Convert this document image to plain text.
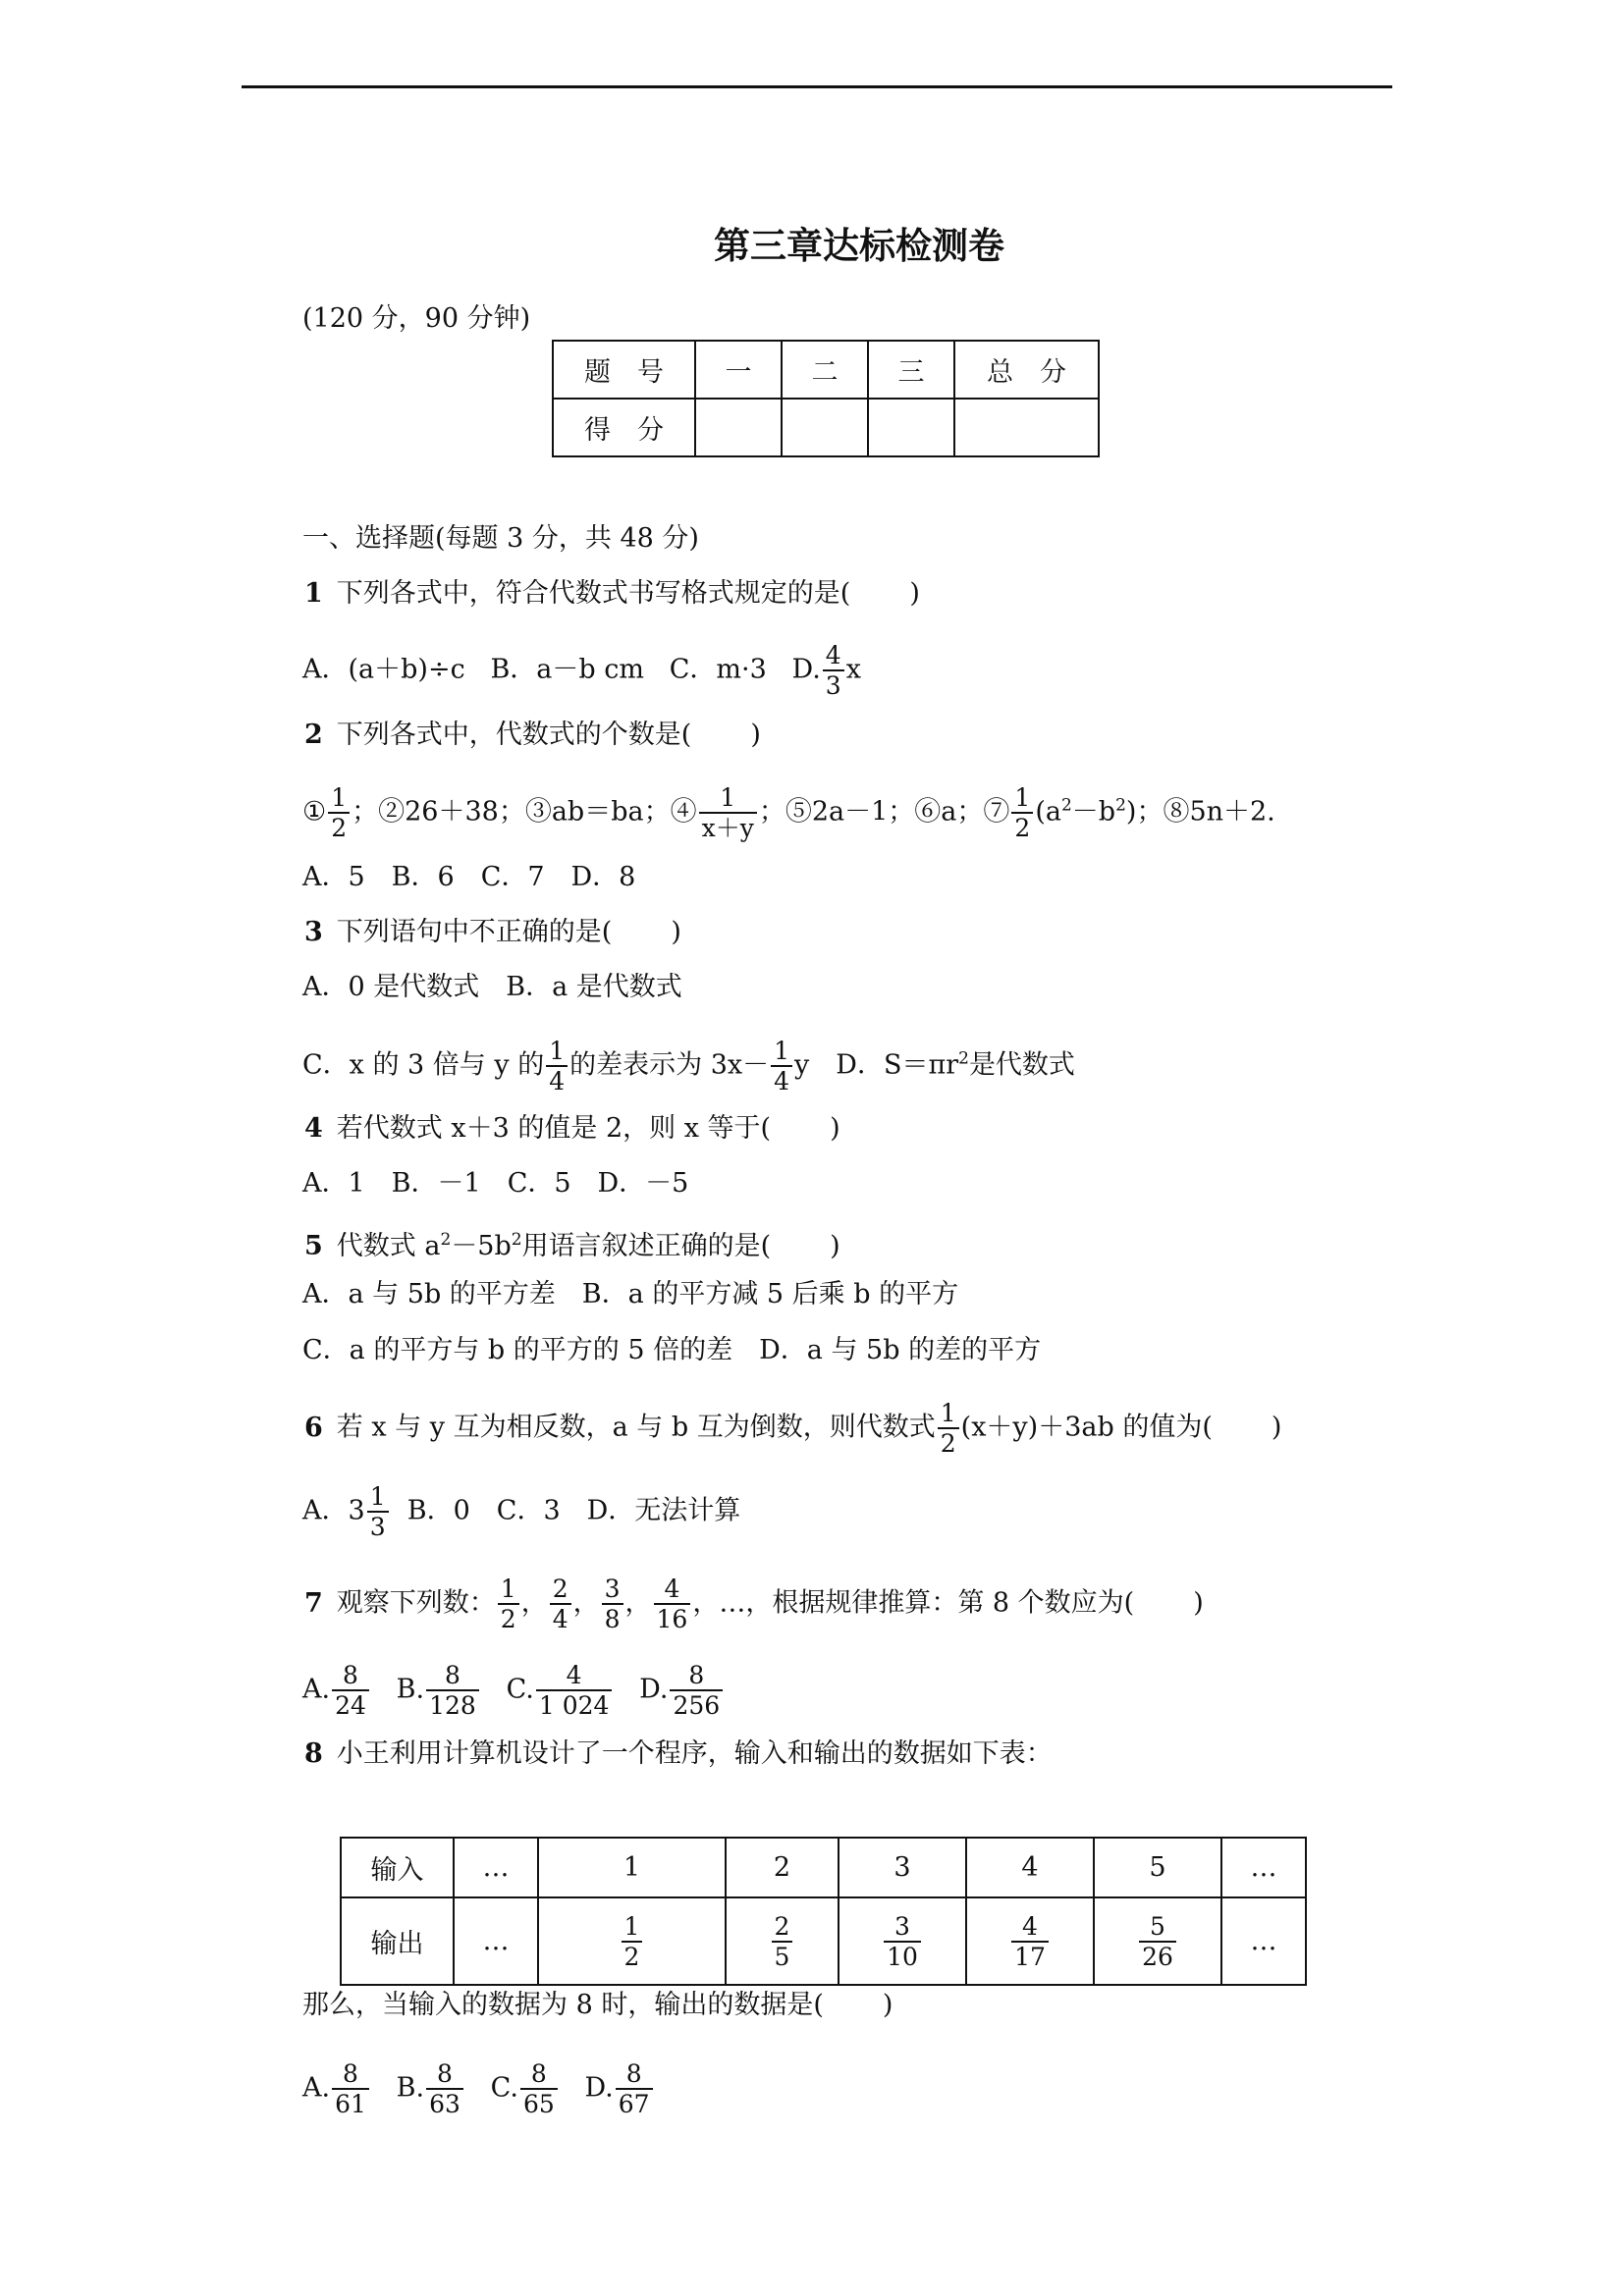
第三章达标检测卷
(120 分，90 分钟)
题　号	一	二	三	总　分
得　分				
一、选择题(每题 3 分，共 48 分)
1 下列各式中，符合代数式书写格式规定的是( )
A．(a＋b)÷c B．a－b cm C．m·3 D. $\frac{4}{3}$ x
2 下列各式中，代数式的个数是( )
① $\frac{1}{2}$ ；②26＋38；③ab＝ba；④ $\frac{1}{x+y}$ ；⑤2a－1；⑥a；⑦ $\frac{1}{2} (a^2-b^2)$；⑧5n＋2.
A．5　B．6　C．7　D．8
3 下列语句中不正确的是( )
A．0 是代数式　B．a 是代数式
C．x 的 3 倍与 y 的 $\frac{1}{4}$ 的差表示为 $3x- \frac{1}{4}$ y　D．$S=\pi r^2$是代数式
4 若代数式 x＋3 的值是 2，则 x 等于( )
A．1　B．－1　C．5　D．－5
5 代数式 $a^2-5b^2$用语言叙述正确的是( )
A．a 与 5b 的平方差　B．a 的平方减 5 后乘 b 的平方
C．a 的平方与 b 的平方的 5 倍的差　D．a 与 5b 的差的平方
6 若 x 与 y 互为相反数，a 与 b 互为倒数，则代数式 $\frac{1}{2} (x+y)+3ab$ 的值为( )
A．$3 \frac{1}{3}$ B．0　C．3　D．无法计算
7 观察下列数： $\frac{1}{2}$ ， $\frac{2}{4}$ ， $\frac{3}{8}$ ， $\frac{4}{16}$ ，…，根据规律推算：第 8 个数应为( )
A. $\frac{8}{24} B$. $\frac{8}{128} C$. $\frac{4}{1 024} D$. $\frac{8}{256}$
8 小王利用计算机设计了一个程序，输入和输出的数据如下表：
输入	…	1	2	3	4	5	…
输出	…	$\frac{1}{2}$	$\frac{2}{5}$	$\frac{3}{10}$	$\frac{4}{17}$	$\frac{5}{26}$	…
那么，当输入的数据为 8 时，输出的数据是( )
A. $\frac{8}{61} B$. $\frac{8}{63} C$. $\frac{8}{65} D$. $\frac{8}{67}$
